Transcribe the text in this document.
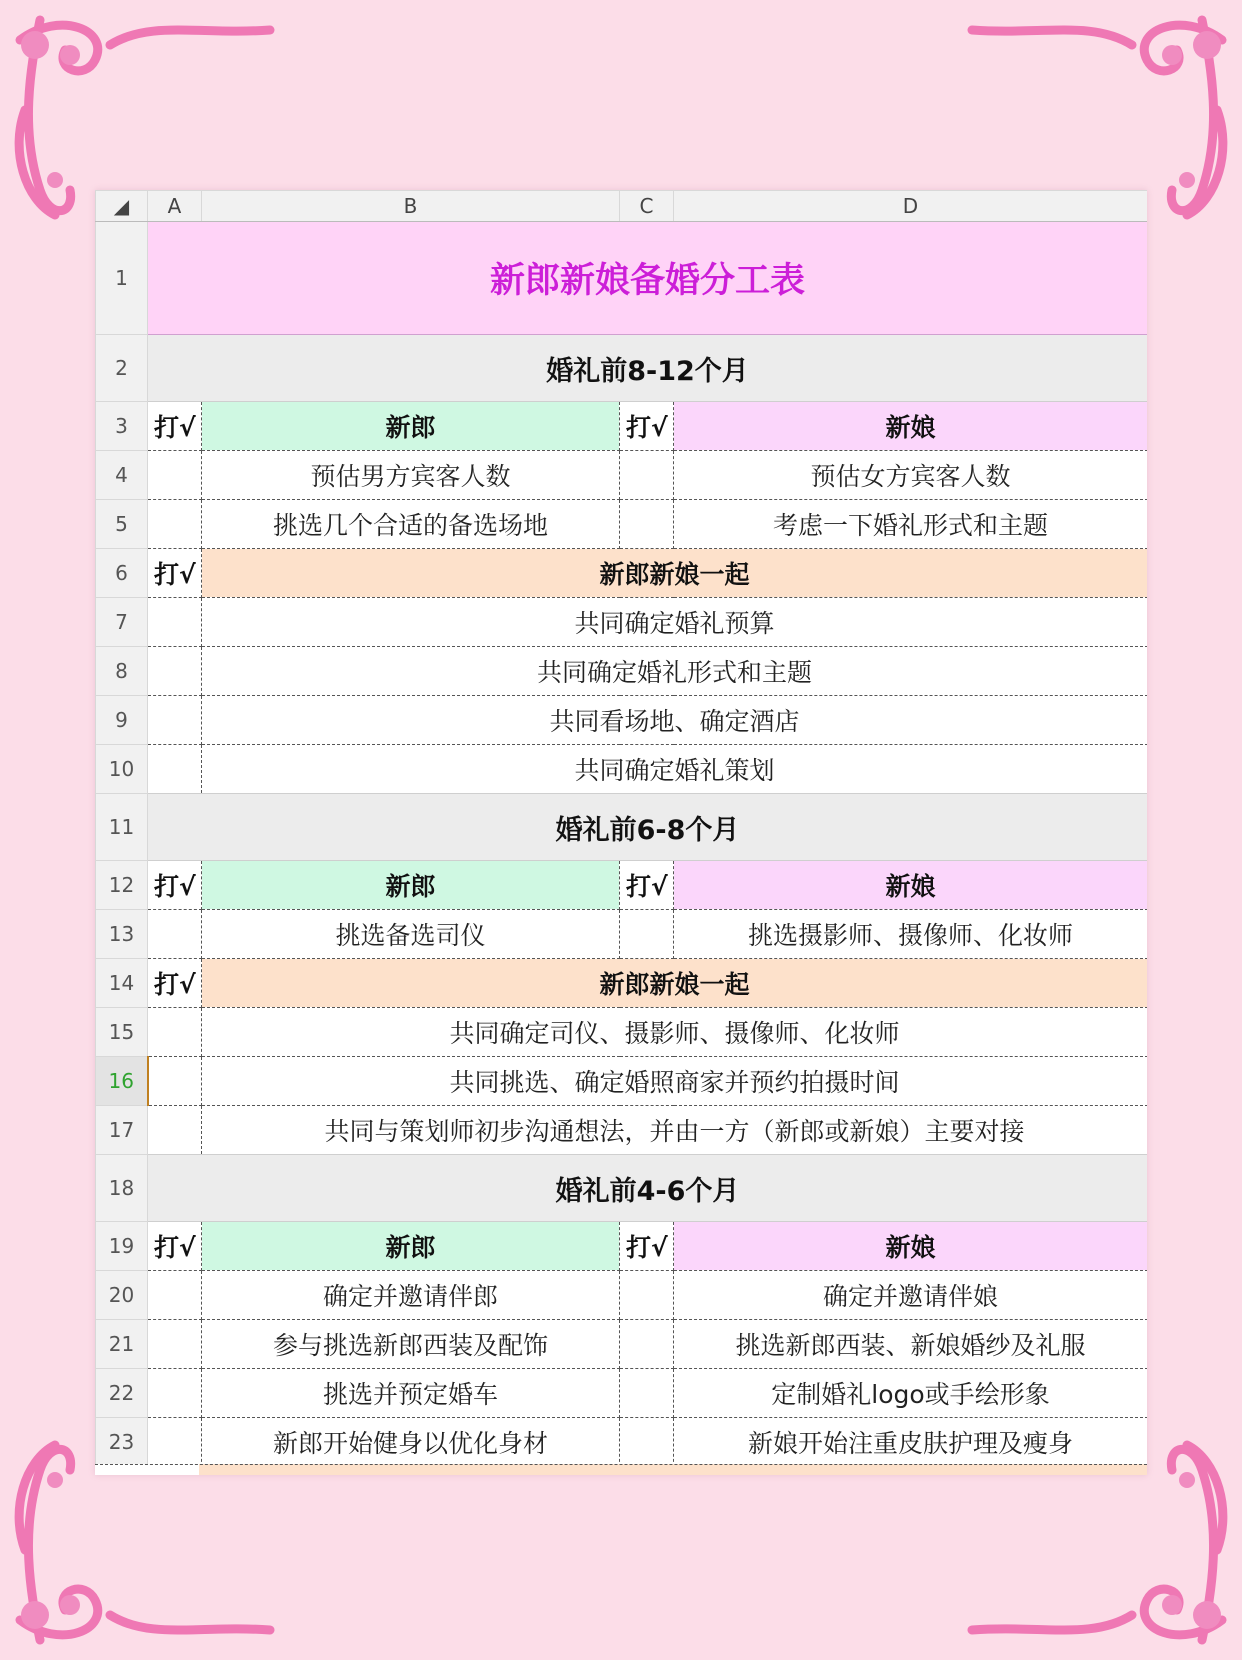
◢	A	B	C	D
1	新郎新娘备婚分工表			
2	婚礼前8-12个月			
3	打√	新郎	打√	新娘
4		预估男方宾客人数		预估女方宾客人数
5		挑选几个合适的备选场地		考虑一下婚礼形式和主题
6	打√	新郎新娘一起		
7		共同确定婚礼预算		
8		共同确定婚礼形式和主题		
9		共同看场地、确定酒店		
10		共同确定婚礼策划		
11	婚礼前6-8个月			
12	打√	新郎	打√	新娘
13		挑选备选司仪		挑选摄影师、摄像师、化妆师
14	打√	新郎新娘一起		
15		共同确定司仪、摄影师、摄像师、化妆师		
16		共同挑选、确定婚照商家并预约拍摄时间		
17		共同与策划师初步沟通想法，并由一方（新郎或新娘）主要对接		
18	婚礼前4-6个月			
19	打√	新郎	打√	新娘
20		确定并邀请伴郎		确定并邀请伴娘
21		参与挑选新郎西装及配饰		挑选新郎西装、新娘婚纱及礼服
22		挑选并预定婚车		定制婚礼logo或手绘形象
23		新郎开始健身以优化身材		新娘开始注重皮肤护理及瘦身
